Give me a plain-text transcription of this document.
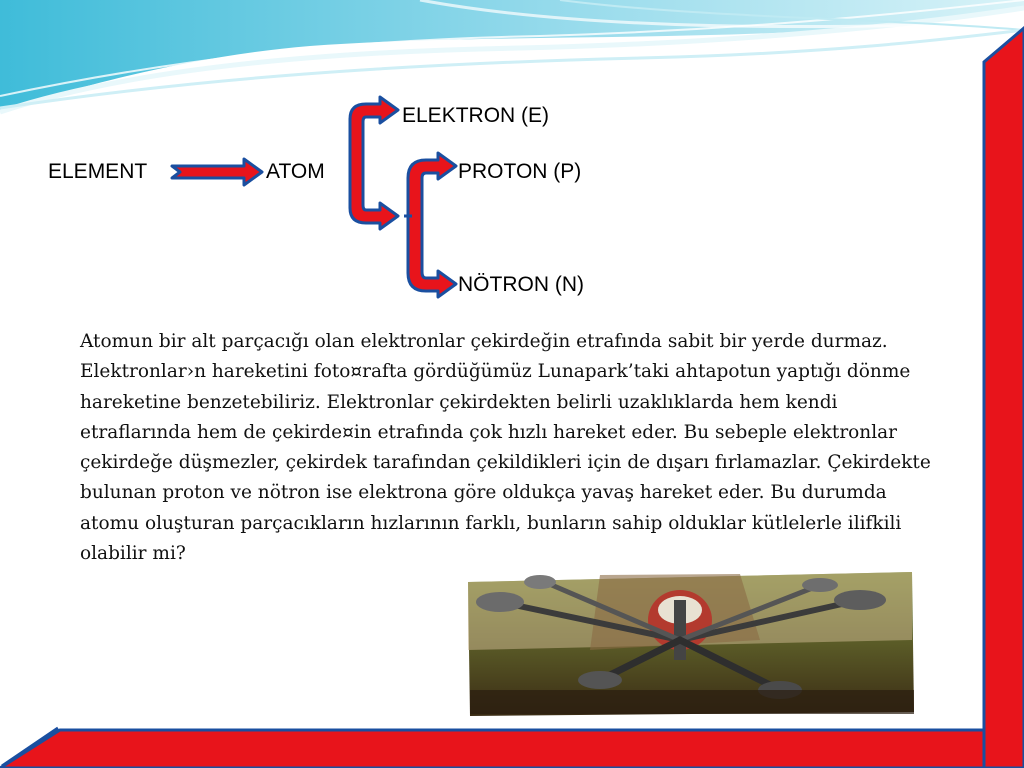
ELEMENT	ATOM
ELEKTRON (E)
PROTON (P)
NÖTRON (N)

Atomun bir alt parçacığı olan elektronlar çekirdeğin etrafında sabit bir yerde durmaz. Elektronlar›n hareketini foto¤rafta gördüğümüz Lunapark’taki ahtapotun yaptığı dönme hareketine benzetebiliriz. Elektronlar çekirdekten belirli uzaklıklarda hem kendi etraflarında hem de çekirde¤in etrafında çok hızlı hareket eder. Bu sebeple elektronlar çekirdeğe düşmezler, çekirdek tarafından çekildikleri için de dışarı fırlamazlar. Çekirdekte bulunan proton ve nötron ise elektrona göre oldukça yavaş hareket eder. Bu durumda atomu oluşturan parçacıkların hızlarının farklı, bunların sahip olduklar kütlelerle ilifkili olabilir mi?
